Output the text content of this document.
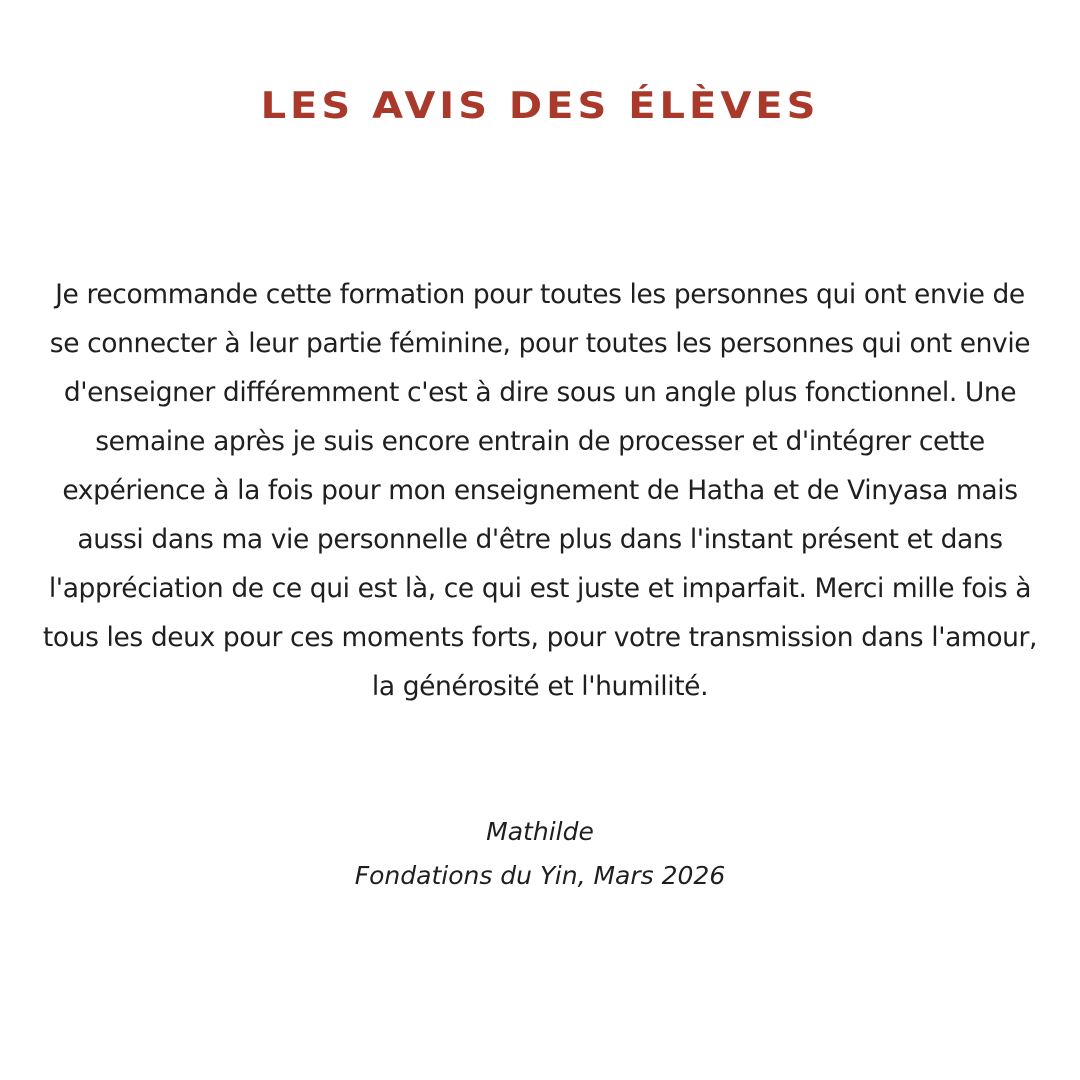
LES AVIS DES ÉLÈVES

Je recommande cette formation pour toutes les personnes qui ont envie de se connecter à leur partie féminine, pour toutes les personnes qui ont envie d'enseigner différemment c'est à dire sous un angle plus fonctionnel. Une semaine après je suis encore entrain de processer et d'intégrer cette expérience à la fois pour mon enseignement de Hatha et de Vinyasa mais aussi dans ma vie personnelle d'être plus dans l'instant présent et dans l'appréciation de ce qui est là, ce qui est juste et imparfait. Merci mille fois à tous les deux pour ces moments forts, pour votre transmission dans l'amour, la générosité et l'humilité.

Mathilde
Fondations du Yin, Mars 2026
